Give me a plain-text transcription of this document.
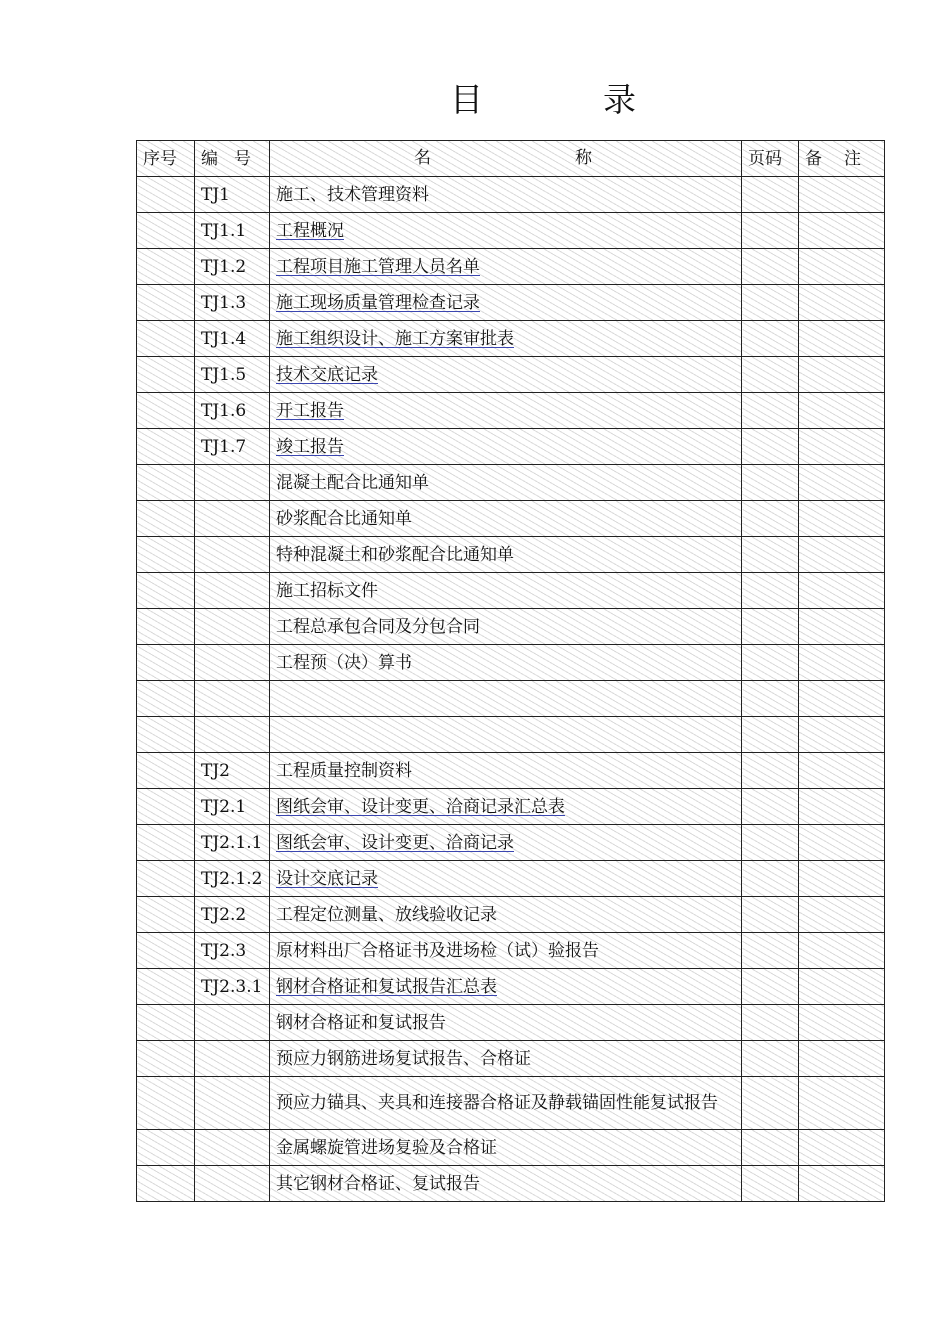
目	录
序号	编 号	名 称	页码	备 注
	TJ1	施工、技术管理资料		
	TJ1.1	工程概况		
	TJ1.2	工程项目施工管理人员名单		
	TJ1.3	施工现场质量管理检查记录		
	TJ1.4	施工组织设计、施工方案审批表		
	TJ1.5	技术交底记录		
	TJ1.6	开工报告		
	TJ1.7	竣工报告		
		混凝土配合比通知单		
		砂浆配合比通知单		
		特种混凝土和砂浆配合比通知单		
		施工招标文件		
		工程总承包合同及分包合同		
		工程预（决）算书		

	TJ2	工程质量控制资料		
	TJ2.1	图纸会审、设计变更、洽商记录汇总表		
	TJ2.1.1	图纸会审、设计变更、洽商记录		
	TJ2.1.2	设计交底记录		
	TJ2.2	工程定位测量、放线验收记录		
	TJ2.3	原材料出厂合格证书及进场检（试）验报告		
	TJ2.3.1	钢材合格证和复试报告汇总表		
		钢材合格证和复试报告		
		预应力钢筋进场复试报告、合格证		
		预应力锚具、夹具和连接器合格证及静载锚固性能复试报告		
		金属螺旋管进场复验及合格证		
		其它钢材合格证、复试报告		
